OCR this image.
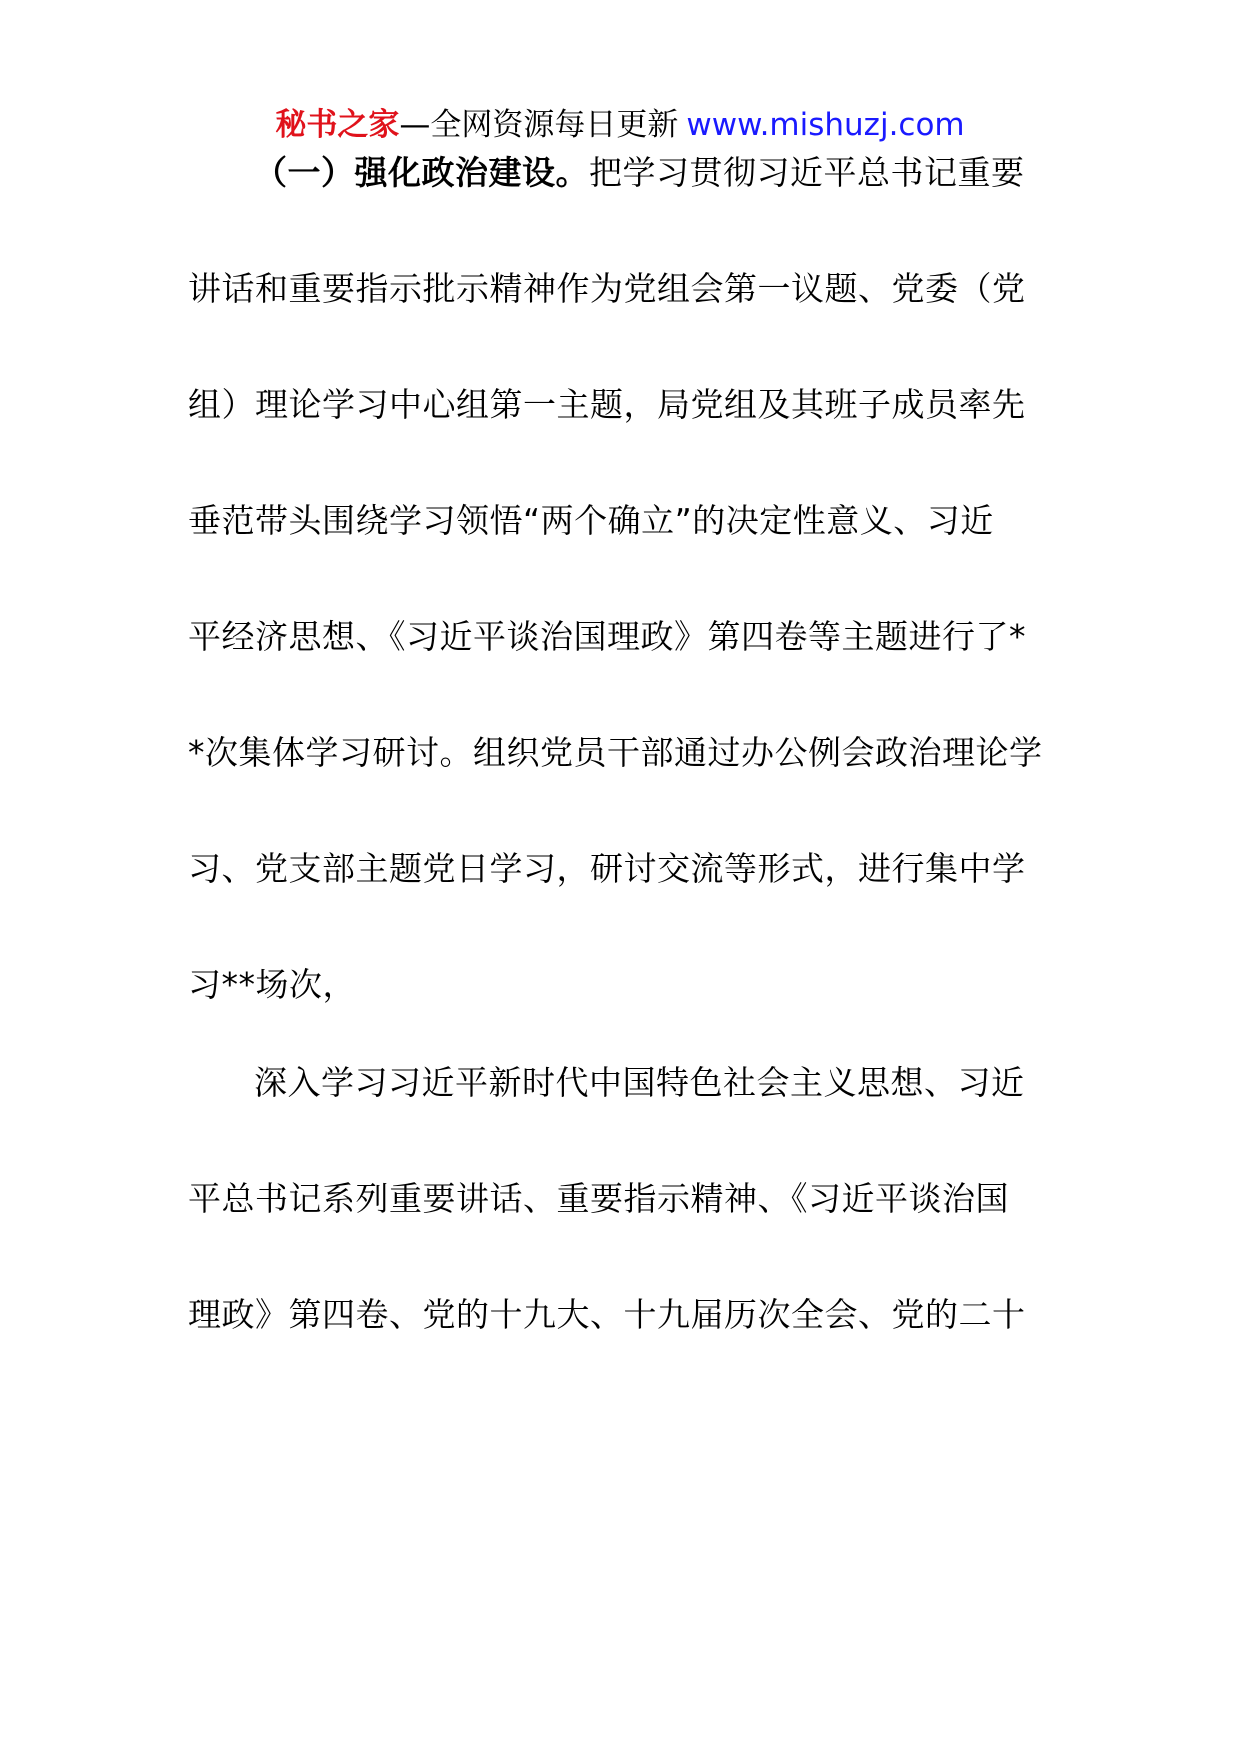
秘书之家—全网资源每日更新 www.mishuzj.com
（一）强化政治建设。把学习贯彻习近平总书记重要
讲话和重要指示批示精神作为党组会第一议题、党委（党
组）理论学习中心组第一主题，局党组及其班子成员率先
垂范带头围绕学习领悟“两个确立”的决定性意义、习近
平经济思想、《习近平谈治国理政》第四卷等主题进行了*
*次集体学习研讨。组织党员干部通过办公例会政治理论学
习、党支部主题党日学习，研讨交流等形式，进行集中学
习**场次，
深入学习习近平新时代中国特色社会主义思想、习近
平总书记系列重要讲话、重要指示精神、《习近平谈治国
理政》第四卷、党的十九大、十九届历次全会、党的二十
